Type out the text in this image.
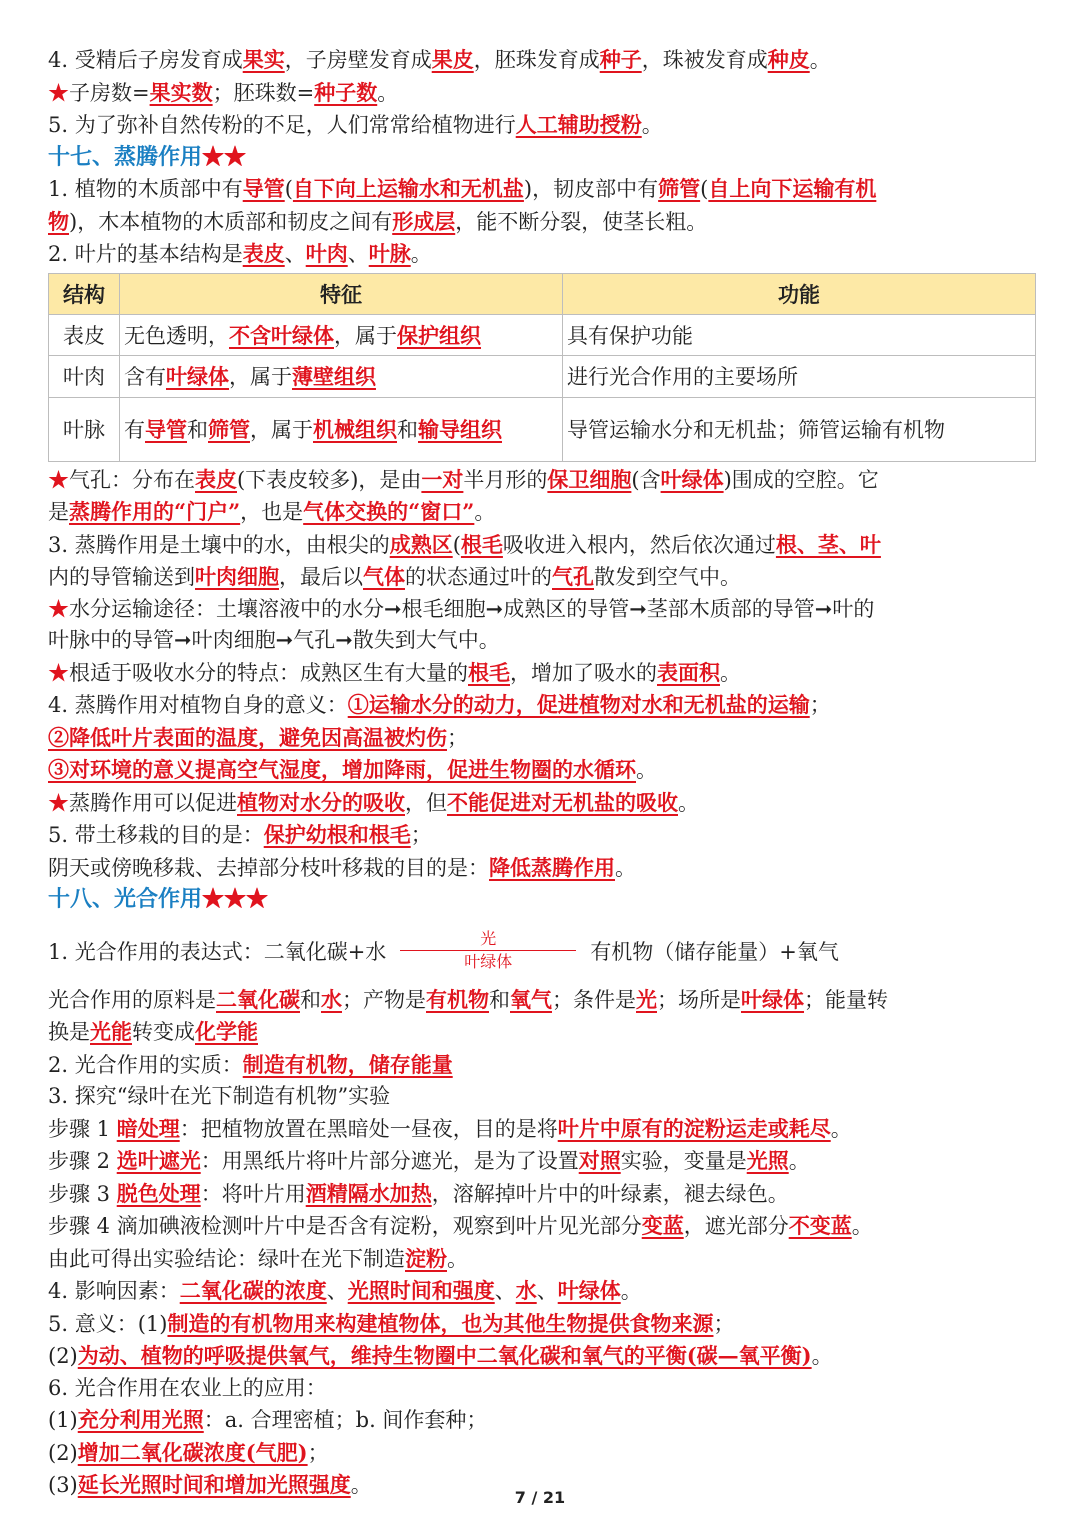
4. 受精后子房发育成果实，子房壁发育成果皮，胚珠发育成种子，珠被发育成种皮。

★子房数=果实数；胚珠数=种子数。

5. 为了弥补自然传粉的不足，人们常常给植物进行人工辅助授粉。

十七、蒸腾作用★★

1. 植物的木质部中有导管(自下向上运输水和无机盐)，韧皮部中有筛管(自上向下运输有机
物)，木本植物的木质部和韧皮之间有形成层，能不断分裂，使茎长粗。

2. 叶片的基本结构是表皮、叶肉、叶脉。

结构	特征	功能
表皮	无色透明，不含叶绿体，属于保护组织	具有保护功能
叶肉	含有叶绿体，属于薄壁组织	进行光合作用的主要场所
叶脉	有导管和筛管，属于机械组织和输导组织	导管运输水分和无机盐；筛管运输有机物

★气孔：分布在表皮(下表皮较多)，是由一对半月形的保卫细胞(含叶绿体)围成的空腔。它
是蒸腾作用的“门户”，也是气体交换的“窗口”。

3. 蒸腾作用是土壤中的水，由根尖的成熟区(根毛吸收进入根内，然后依次通过根、茎、叶
内的导管输送到叶肉细胞，最后以气体的状态通过叶的气孔散发到空气中。

★水分运输途径：土壤溶液中的水分➞根毛细胞➞成熟区的导管➞茎部木质部的导管➞叶的
叶脉中的导管➞叶肉细胞➞气孔➞散失到大气中。

★根适于吸收水分的特点：成熟区生有大量的根毛，增加了吸水的表面积。

4. 蒸腾作用对植物自身的意义：①运输水分的动力，促进植物对水和无机盐的运输；
②降低叶片表面的温度，避免因高温被灼伤；
③对环境的意义提高空气湿度，增加降雨，促进生物圈的水循环。

★蒸腾作用可以促进植物对水分的吸收，但不能促进对无机盐的吸收。

5. 带土移栽的目的是：保护幼根和根毛；
阴天或傍晚移栽、去掉部分枝叶移栽的目的是：降低蒸腾作用。

十八、光合作用★★★

1. 光合作用的表达式：二氧化碳+水
光
叶绿体	有机物（储存能量）+氧气

光合作用的原料是二氧化碳和水；产物是有机物和氧气；条件是光；场所是叶绿体；能量转
换是光能转变成化学能

2. 光合作用的实质：制造有机物，储存能量

3. 探究“绿叶在光下制造有机物”实验

步骤 1 暗处理：把植物放置在黑暗处一昼夜，目的是将叶片中原有的淀粉运走或耗尽。

步骤 2 选叶遮光：用黑纸片将叶片部分遮光，是为了设置对照实验，变量是光照。

步骤 3 脱色处理：将叶片用酒精隔水加热，溶解掉叶片中的叶绿素，褪去绿色。

步骤 4 滴加碘液检测叶片中是否含有淀粉，观察到叶片见光部分变蓝，遮光部分不变蓝。

由此可得出实验结论：绿叶在光下制造淀粉。

4. 影响因素：二氧化碳的浓度、光照时间和强度、水、叶绿体。

5. 意义：(1)制造的有机物用来构建植物体，也为其他生物提供食物来源；
(2)为动、植物的呼吸提供氧气，维持生物圈中二氧化碳和氧气的平衡(碳—氧平衡)。

6. 光合作用在农业上的应用：
(1)充分利用光照：a. 合理密植；b. 间作套种；
(2)增加二氧化碳浓度(气肥)；
(3)延长光照时间和增加光照强度。

7 / 21
